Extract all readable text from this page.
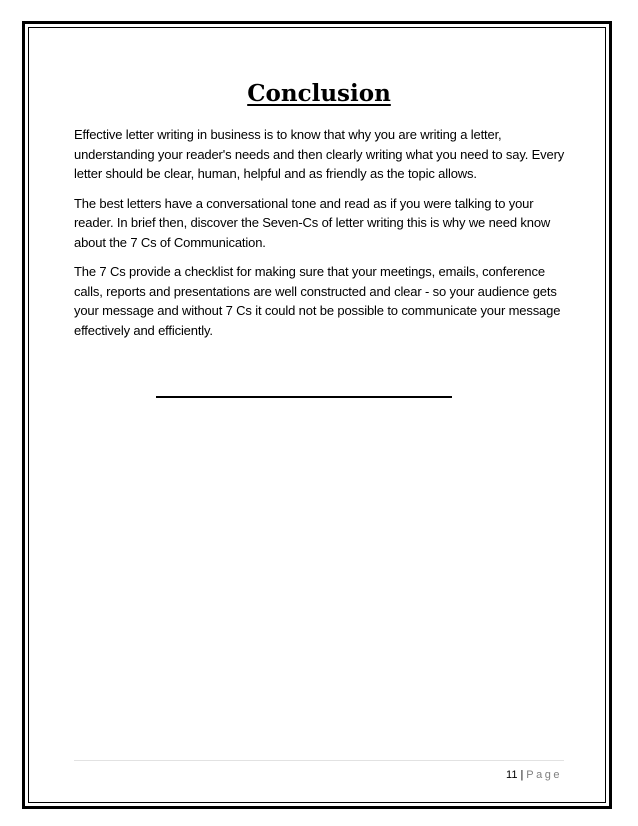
Conclusion

Effective letter writing in business is to know that why you are writing a letter, understanding your reader's needs and then clearly writing what you need to say. Every letter should be clear, human, helpful and as friendly as the topic allows.

The best letters have a conversational tone and read as if you were talking to your reader. In brief then, discover the Seven-Cs of letter writing this is why we need know about the 7 Cs of Communication.

The 7 Cs provide a checklist for making sure that your meetings, emails, conference calls, reports and presentations are well constructed and clear - so your audience gets your message and without 7 Cs it could not be possible to communicate your message effectively and efficiently.

11 | Page
